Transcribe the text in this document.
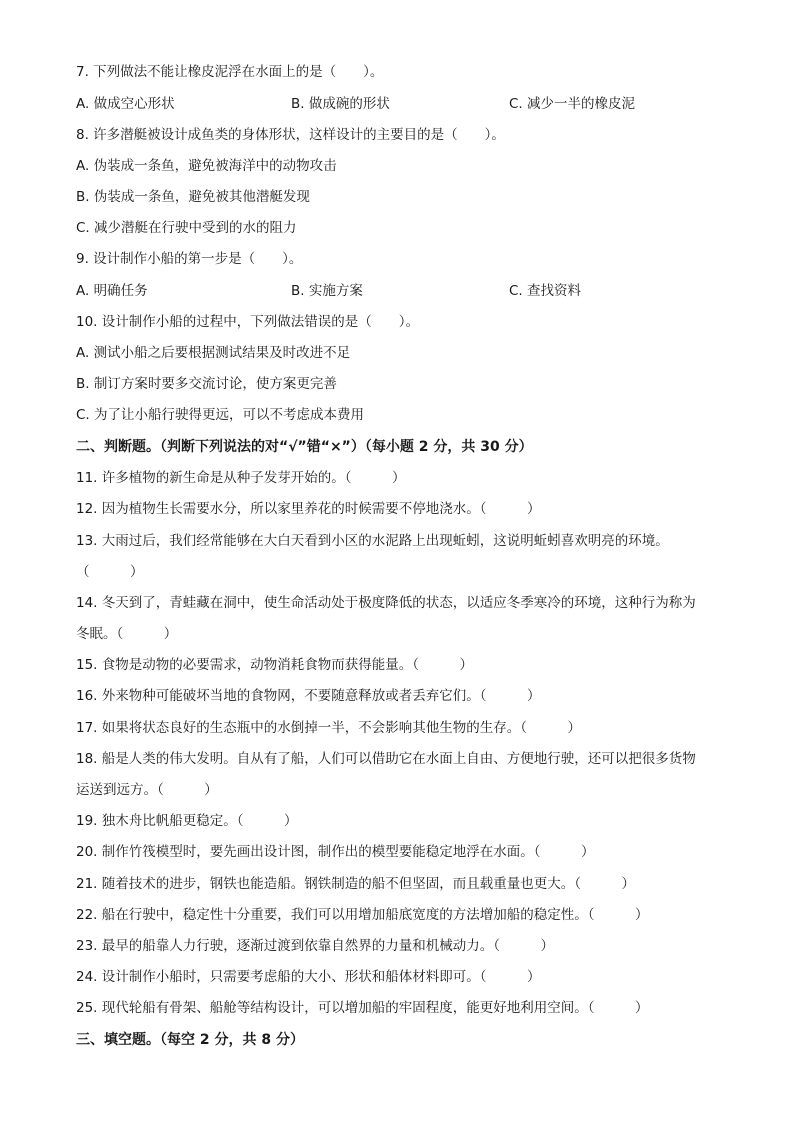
7. 下列做法不能让橡皮泥浮在水面上的是（　　）。
A. 做成空心形状	B. 做成碗的形状	C. 减少一半的橡皮泥
8. 许多潜艇被设计成鱼类的身体形状，这样设计的主要目的是（　　）。
A. 伪装成一条鱼，避免被海洋中的动物攻击
B. 伪装成一条鱼，避免被其他潜艇发现
C. 减少潜艇在行驶中受到的水的阻力
9. 设计制作小船的第一步是（　　）。
A. 明确任务	B. 实施方案	C. 查找资料
10. 设计制作小船的过程中，下列做法错误的是（　　）。
A. 测试小船之后要根据测试结果及时改进不足
B. 制订方案时要多交流讨论，使方案更完善
C. 为了让小船行驶得更远，可以不考虑成本费用
二、判断题。（判断下列说法的对“√”错“×”）（每小题 2 分，共 30 分）
11. 许多植物的新生命是从种子发芽开始的。（　　　）
12. 因为植物生长需要水分，所以家里养花的时候需要不停地浇水。（　　　）
13. 大雨过后，我们经常能够在大白天看到小区的水泥路上出现蚯蚓，这说明蚯蚓喜欢明亮的环境。
（　　　）
14. 冬天到了，青蛙藏在洞中，使生命活动处于极度降低的状态，以适应冬季寒冷的环境，这种行为称为
冬眠。（　　　）
15. 食物是动物的必要需求，动物消耗食物而获得能量。（　　　）
16. 外来物种可能破坏当地的食物网，不要随意释放或者丢弃它们。（　　　）
17. 如果将状态良好的生态瓶中的水倒掉一半，不会影响其他生物的生存。（　　　）
18. 船是人类的伟大发明。自从有了船，人们可以借助它在水面上自由、方便地行驶，还可以把很多货物
运送到远方。（　　　）
19. 独木舟比帆船更稳定。（　　　）
20. 制作竹筏模型时，要先画出设计图，制作出的模型要能稳定地浮在水面。（　　　）
21. 随着技术的进步，钢铁也能造船。钢铁制造的船不但坚固，而且载重量也更大。（　　　）
22. 船在行驶中，稳定性十分重要，我们可以用增加船底宽度的方法增加船的稳定性。（　　　）
23. 最早的船靠人力行驶，逐渐过渡到依靠自然界的力量和机械动力。（　　　）
24. 设计制作小船时，只需要考虑船的大小、形状和船体材料即可。（　　　）
25. 现代轮船有骨架、船舱等结构设计，可以增加船的牢固程度，能更好地利用空间。（　　　）
三、填空题。（每空 2 分，共 8 分）
